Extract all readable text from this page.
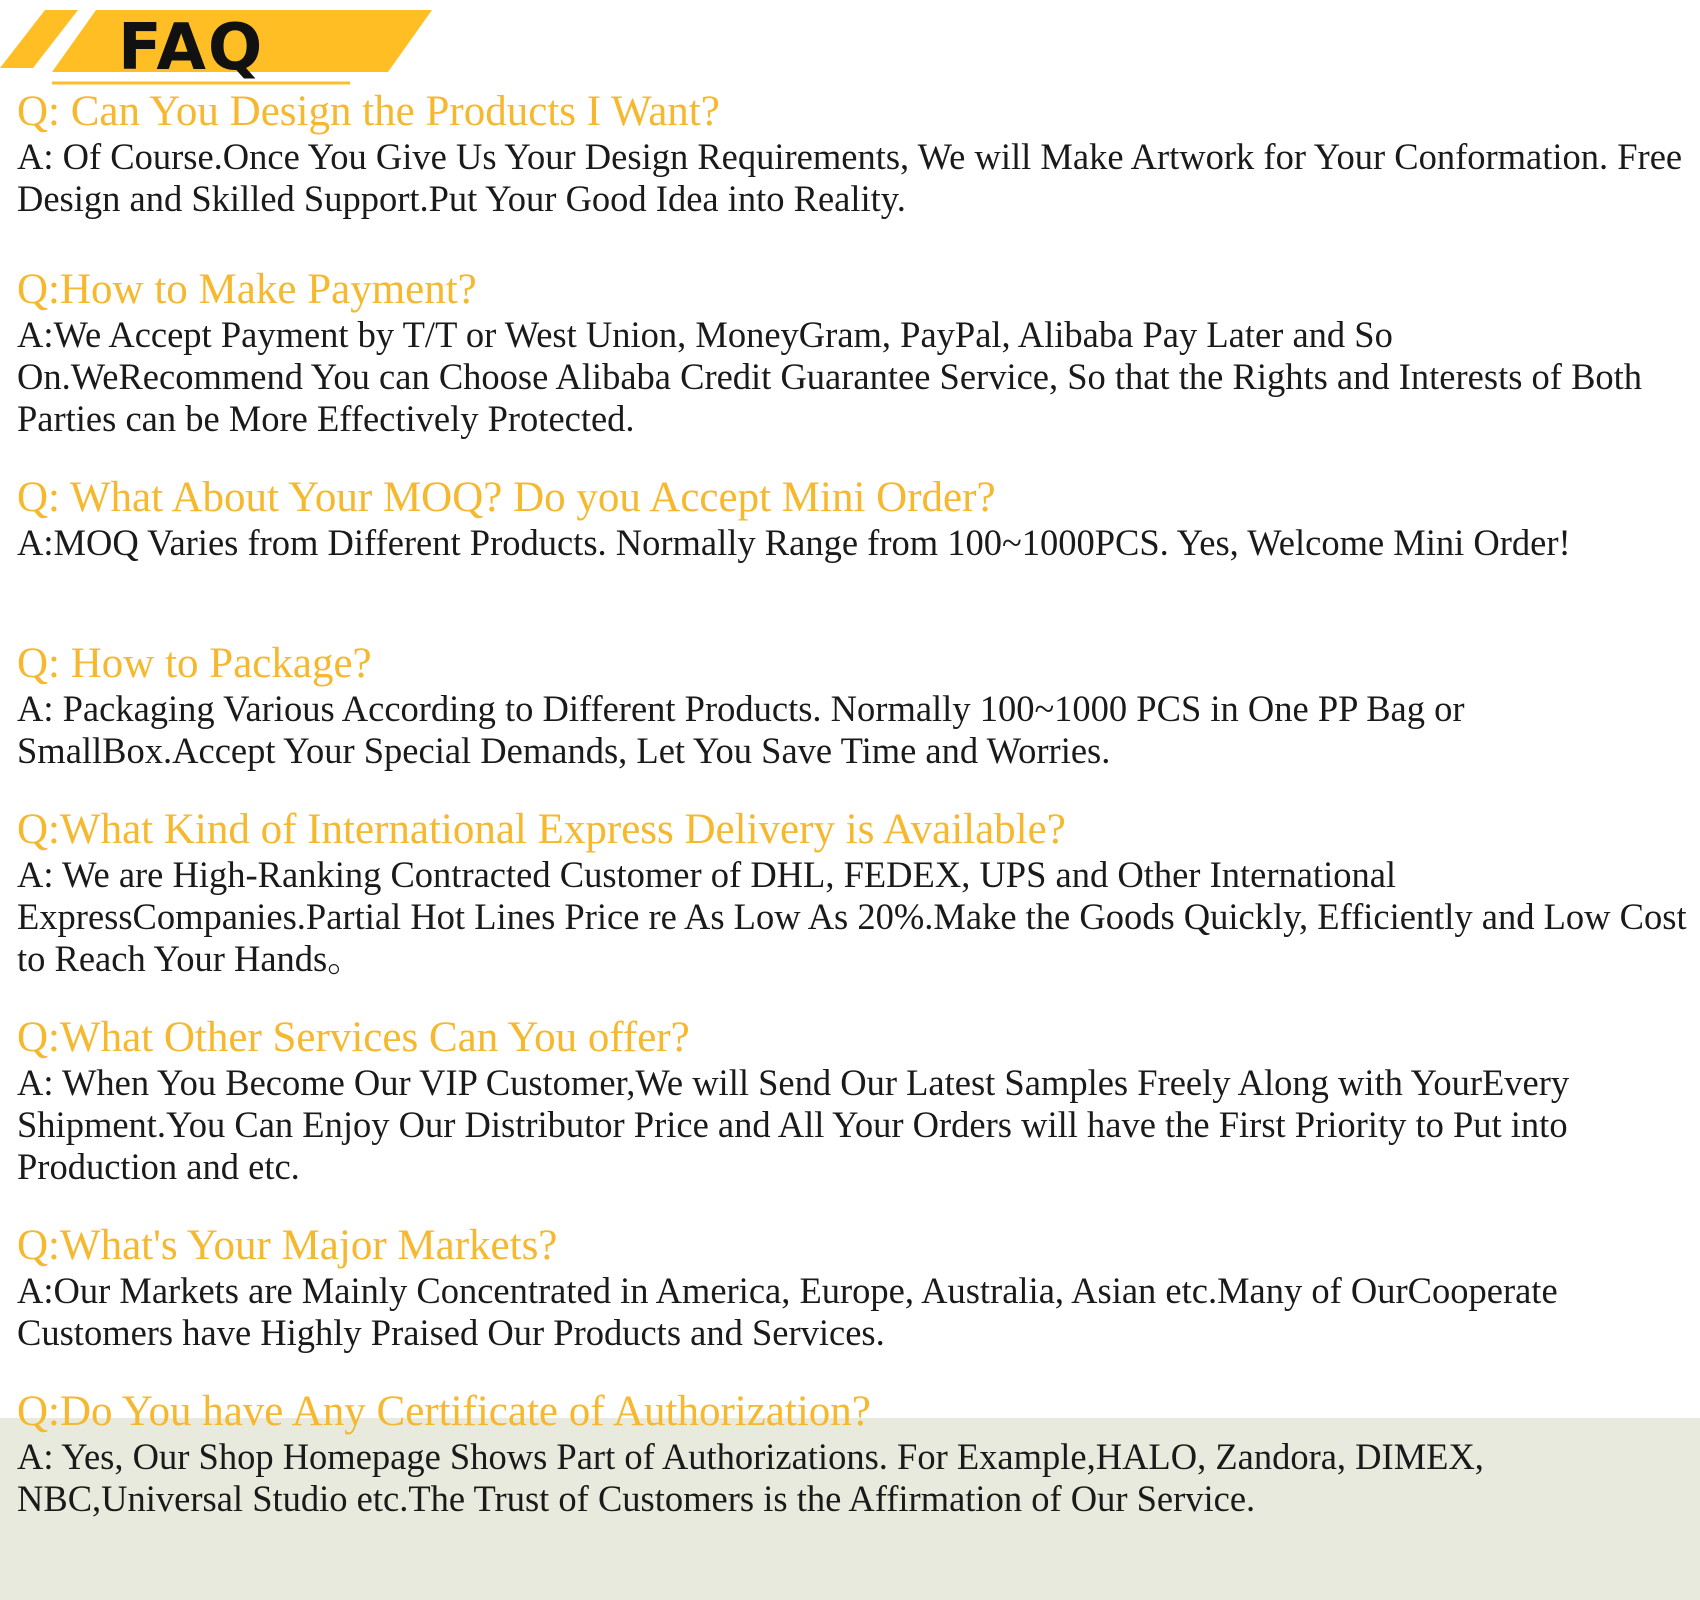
FAQ

Q: Can You Design the Products I Want?

A: Of Course.Once You Give Us Your Design Requirements, We will Make Artwork for Your Conformation. Free Design and Skilled Support.Put Your Good Idea into Reality.

Q:How to Make Payment?

A:We Accept Payment by T/T or West Union, MoneyGram, PayPal, Alibaba Pay Later and So On.WeRecommend You can Choose Alibaba Credit Guarantee Service, So that the Rights and Interests of Both Parties can be More Effectively Protected.

Q: What About Your MOQ? Do you Accept Mini Order?

A:MOQ Varies from Different Products. Normally Range from 100~1000PCS. Yes, Welcome Mini Order!

Q: How to Package?

A: Packaging Various According to Different Products. Normally 100~1000 PCS in One PP Bag or SmallBox.Accept Your Special Demands, Let You Save Time and Worries.

Q:What Kind of International Express Delivery is Available?

A: We are High-Ranking Contracted Customer of DHL, FEDEX, UPS and Other International ExpressCompanies.Partial Hot Lines Price re As Low As 20%.Make the Goods Quickly, Efficiently and Low Cost to Reach Your Hands。

Q:What Other Services Can You offer?

A: When You Become Our VIP Customer,We will Send Our Latest Samples Freely Along with YourEvery Shipment.You Can Enjoy Our Distributor Price and All Your Orders will have the First Priority to Put into Production and etc.

Q:What's Your Major Markets?

A:Our Markets are Mainly Concentrated in America, Europe, Australia, Asian etc.Many of OurCooperate Customers have Highly Praised Our Products and Services.

Q:Do You have Any Certificate of Authorization?

A: Yes, Our Shop Homepage Shows Part of Authorizations. For Example,HALO, Zandora, DIMEX, NBC,Universal Studio etc.The Trust of Customers is the Affirmation of Our Service.
